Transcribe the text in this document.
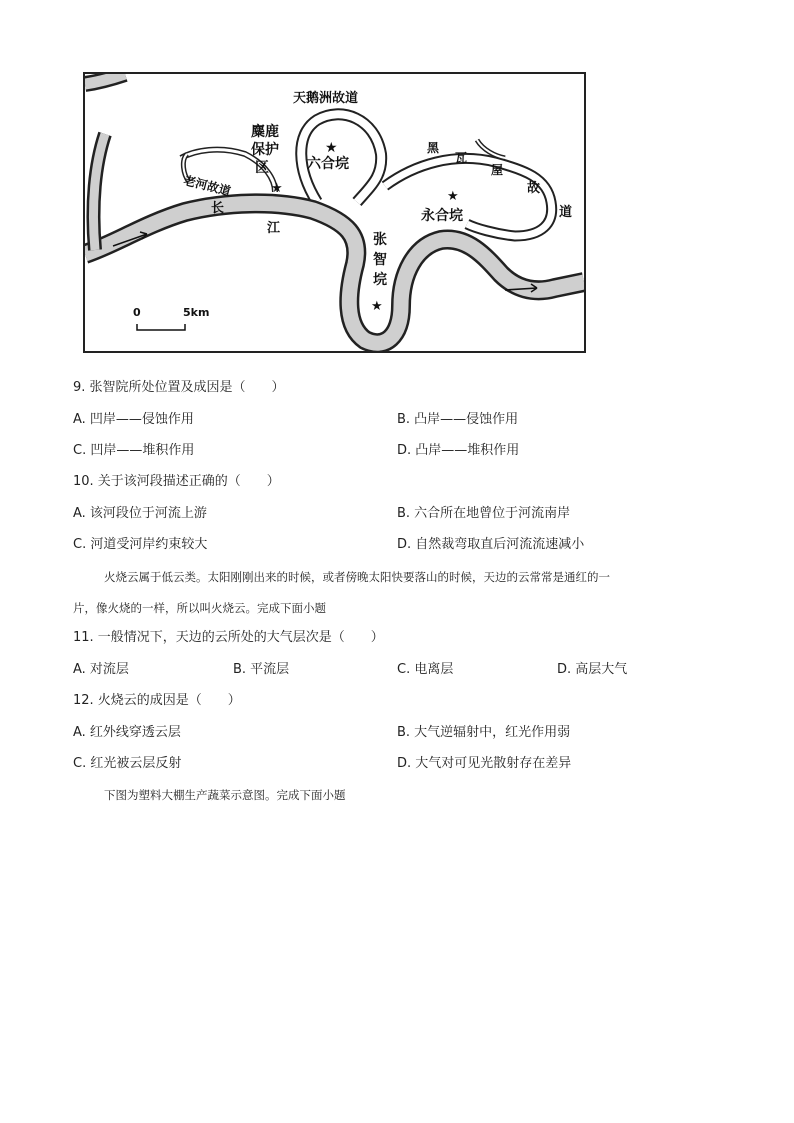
★
★
★
★
天鹅洲故道
麋鹿
保护
区	六合垸
老河故道
长
江
张
智
垸
永合垸
黑
瓦
屋
故
道
0	5km
9. 张智院所处位置及成因是（　　）
A. 凹岸——侵蚀作用	B. 凸岸——侵蚀作用
C. 凹岸——堆积作用	D. 凸岸——堆积作用
10. 关于该河段描述正确的（　　）
A. 该河段位于河流上游	B. 六合所在地曾位于河流南岸
C. 河道受河岸约束较大	D. 自然裁弯取直后河流流速减小
火烧云属于低云类。太阳刚刚出来的时候，或者傍晚太阳快要落山的时候，天边的云常常是通红的一
片，像火烧的一样，所以叫火烧云。完成下面小题
11. 一般情况下，天边的云所处的大气层次是（　　）
A. 对流层	B. 平流层	C. 电离层	D. 高层大气
12. 火烧云的成因是（　　）
A. 红外线穿透云层	B. 大气逆辐射中，红光作用弱
C. 红光被云层反射	D. 大气对可见光散射存在差异
下图为塑料大棚生产蔬菜示意图。完成下面小题
